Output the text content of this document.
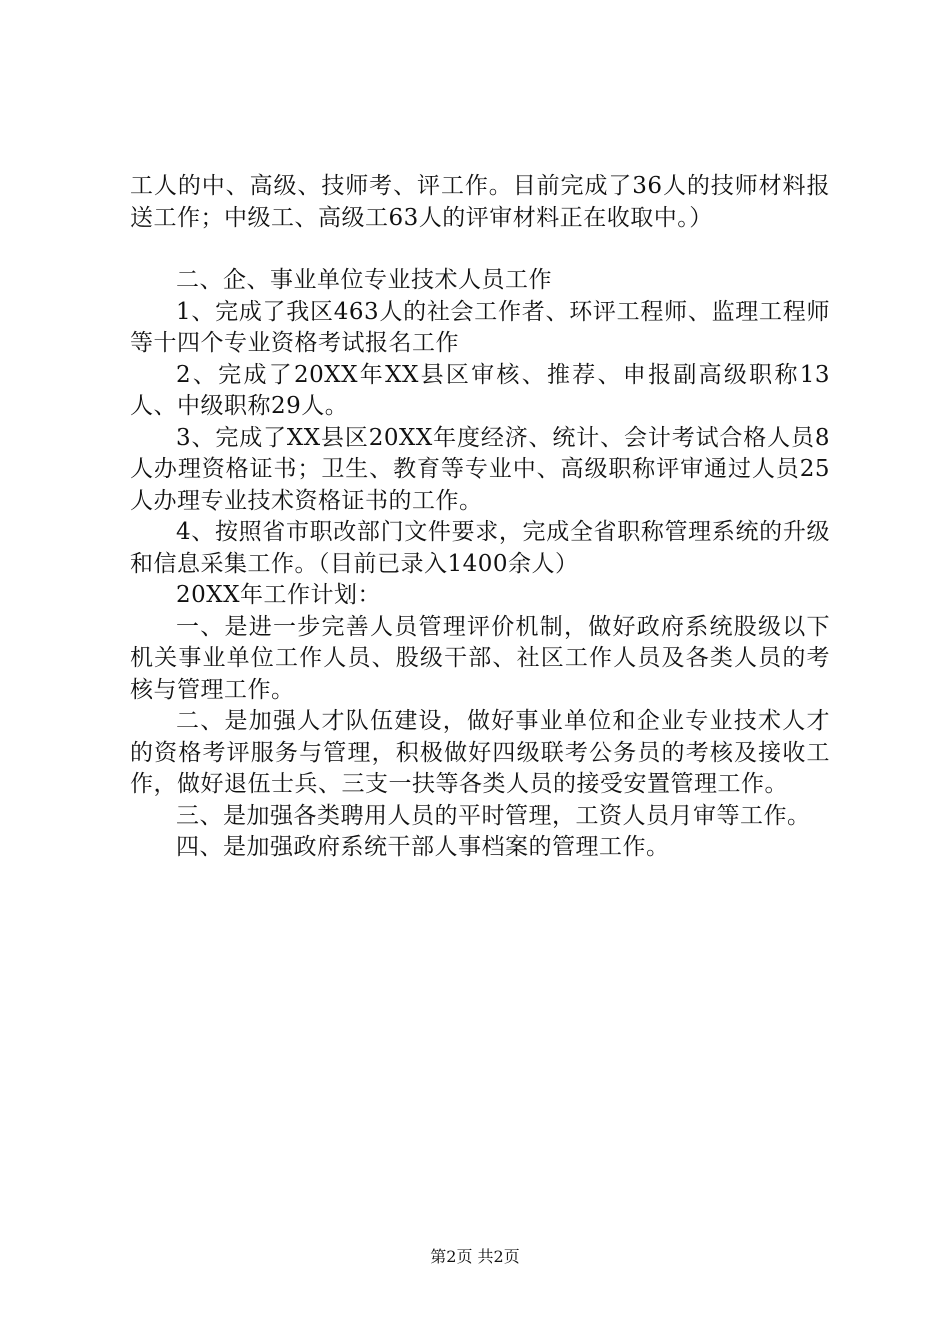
工人的中、高级、技师考、评工作。目前完成了36人的技师材料报送工作；中级工、高级工63人的评审材料正在收取中。）

二、企、事业单位专业技术人员工作

1、完成了我区463人的社会工作者、环评工程师、监理工程师等十四个专业资格考试报名工作

2、完成了20XX年XX县区审核、推荐、申报副高级职称13人、中级职称29人。

3、完成了XX县区20XX年度经济、统计、会计考试合格人员8人办理资格证书；卫生、教育等专业中、高级职称评审通过人员25人办理专业技术资格证书的工作。

4、按照省市职改部门文件要求，完成全省职称管理系统的升级和信息采集工作。（目前已录入1400余人）

20XX年工作计划：

一、是进一步完善人员管理评价机制，做好政府系统股级以下机关事业单位工作人员、股级干部、社区工作人员及各类人员的考核与管理工作。

二、是加强人才队伍建设，做好事业单位和企业专业技术人才的资格考评服务与管理，积极做好四级联考公务员的考核及接收工作，做好退伍士兵、三支一扶等各类人员的接受安置管理工作。

三、是加强各类聘用人员的平时管理，工资人员月审等工作。

四、是加强政府系统干部人事档案的管理工作。

第2页 共2页
